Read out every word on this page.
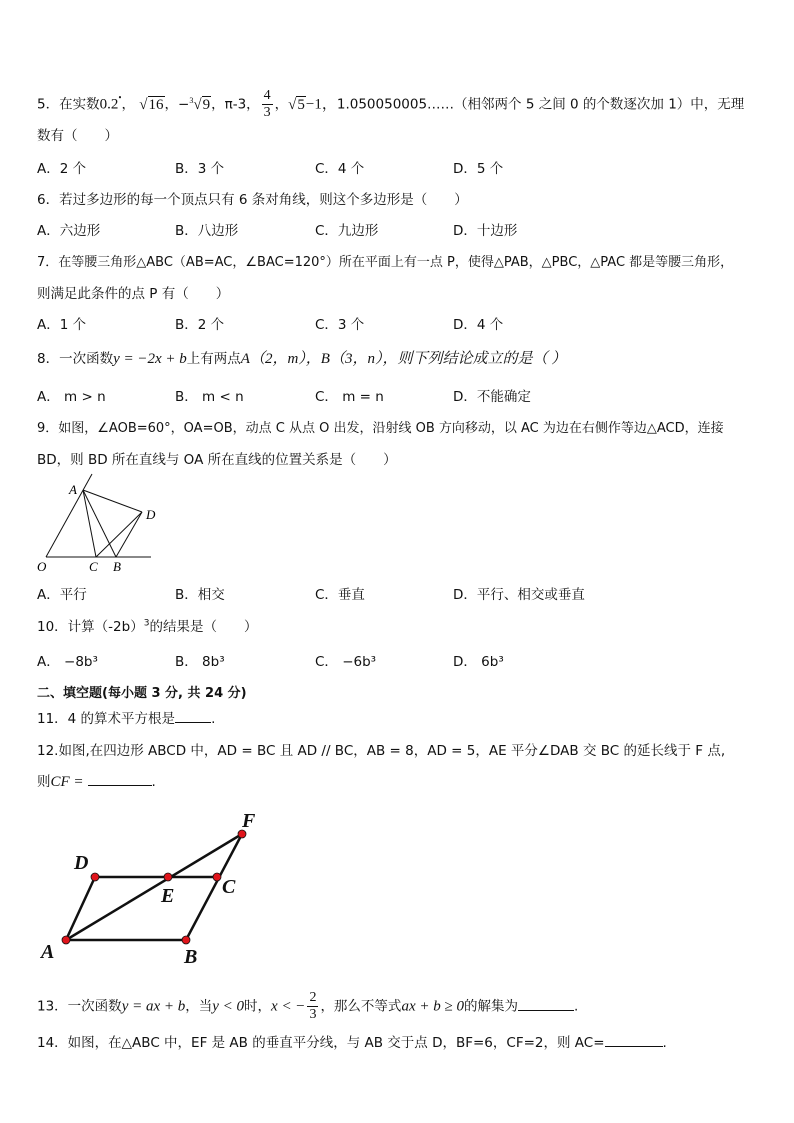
5．在实数0.2•， √16，−$^3$√9，π-3， $\frac{4}{3}$ ，√5−1，1.050050005……（相邻两个 5 之间 0 的个数逐次加 1）中，无理
数有（　　）
A．2 个	B．3 个	C．4 个	D．5 个
6．若过多边形的每一个顶点只有 6 条对角线，则这个多边形是（　　）
A．六边形	B．八边形	C．九边形	D．十边形
7．在等腰三角形△ABC（AB=AC，∠BAC=120°）所在平面上有一点 P，使得△PAB，△PBC，△PAC 都是等腰三角形，
则满足此条件的点 P 有（　　）
A．1 个	B．2 个	C．3 个	D．4 个
8．一次函数y = −2x + b上有两点A（2，m），B（3，n），则下列结论成立的是（ ）
A． m > n	B． m < n	C． m = n	D．不能确定
9．如图，∠AOB=60°，OA=OB，动点 C 从点 O 出发，沿射线 OB 方向移动，以 AC 为边在右侧作等边△ACD，连接
BD，则 BD 所在直线与 OA 所在直线的位置关系是（　　）
A
D
O	C B
A．平行	B．相交	C．垂直	D．平行、相交或垂直
10．计算$(-2b)^3$的结果是（　　）
A． −8b³	B． 8b³	C． −6b³	D． 6b³
二、填空题(每小题 3 分, 共 24 分)
11．4 的算术平方根是	.
12.如图,在四边形 ABCD 中，AD = BC 且 AD // BC，AB = 8，AD = 5，AE 平分∠DAB 交 BC 的延长线于 F 点,
则CF =	.
D
E C
A	B
F
13．一次函数y = ax + b，当y < 0时，x < − $\frac{2}{3}$ ，那么不等式ax + b ≥ 0的解集为	.
14．如图，在△ABC 中，EF 是 AB 的垂直平分线，与 AB 交于点 D，BF=6，CF=2，则 AC=	.
